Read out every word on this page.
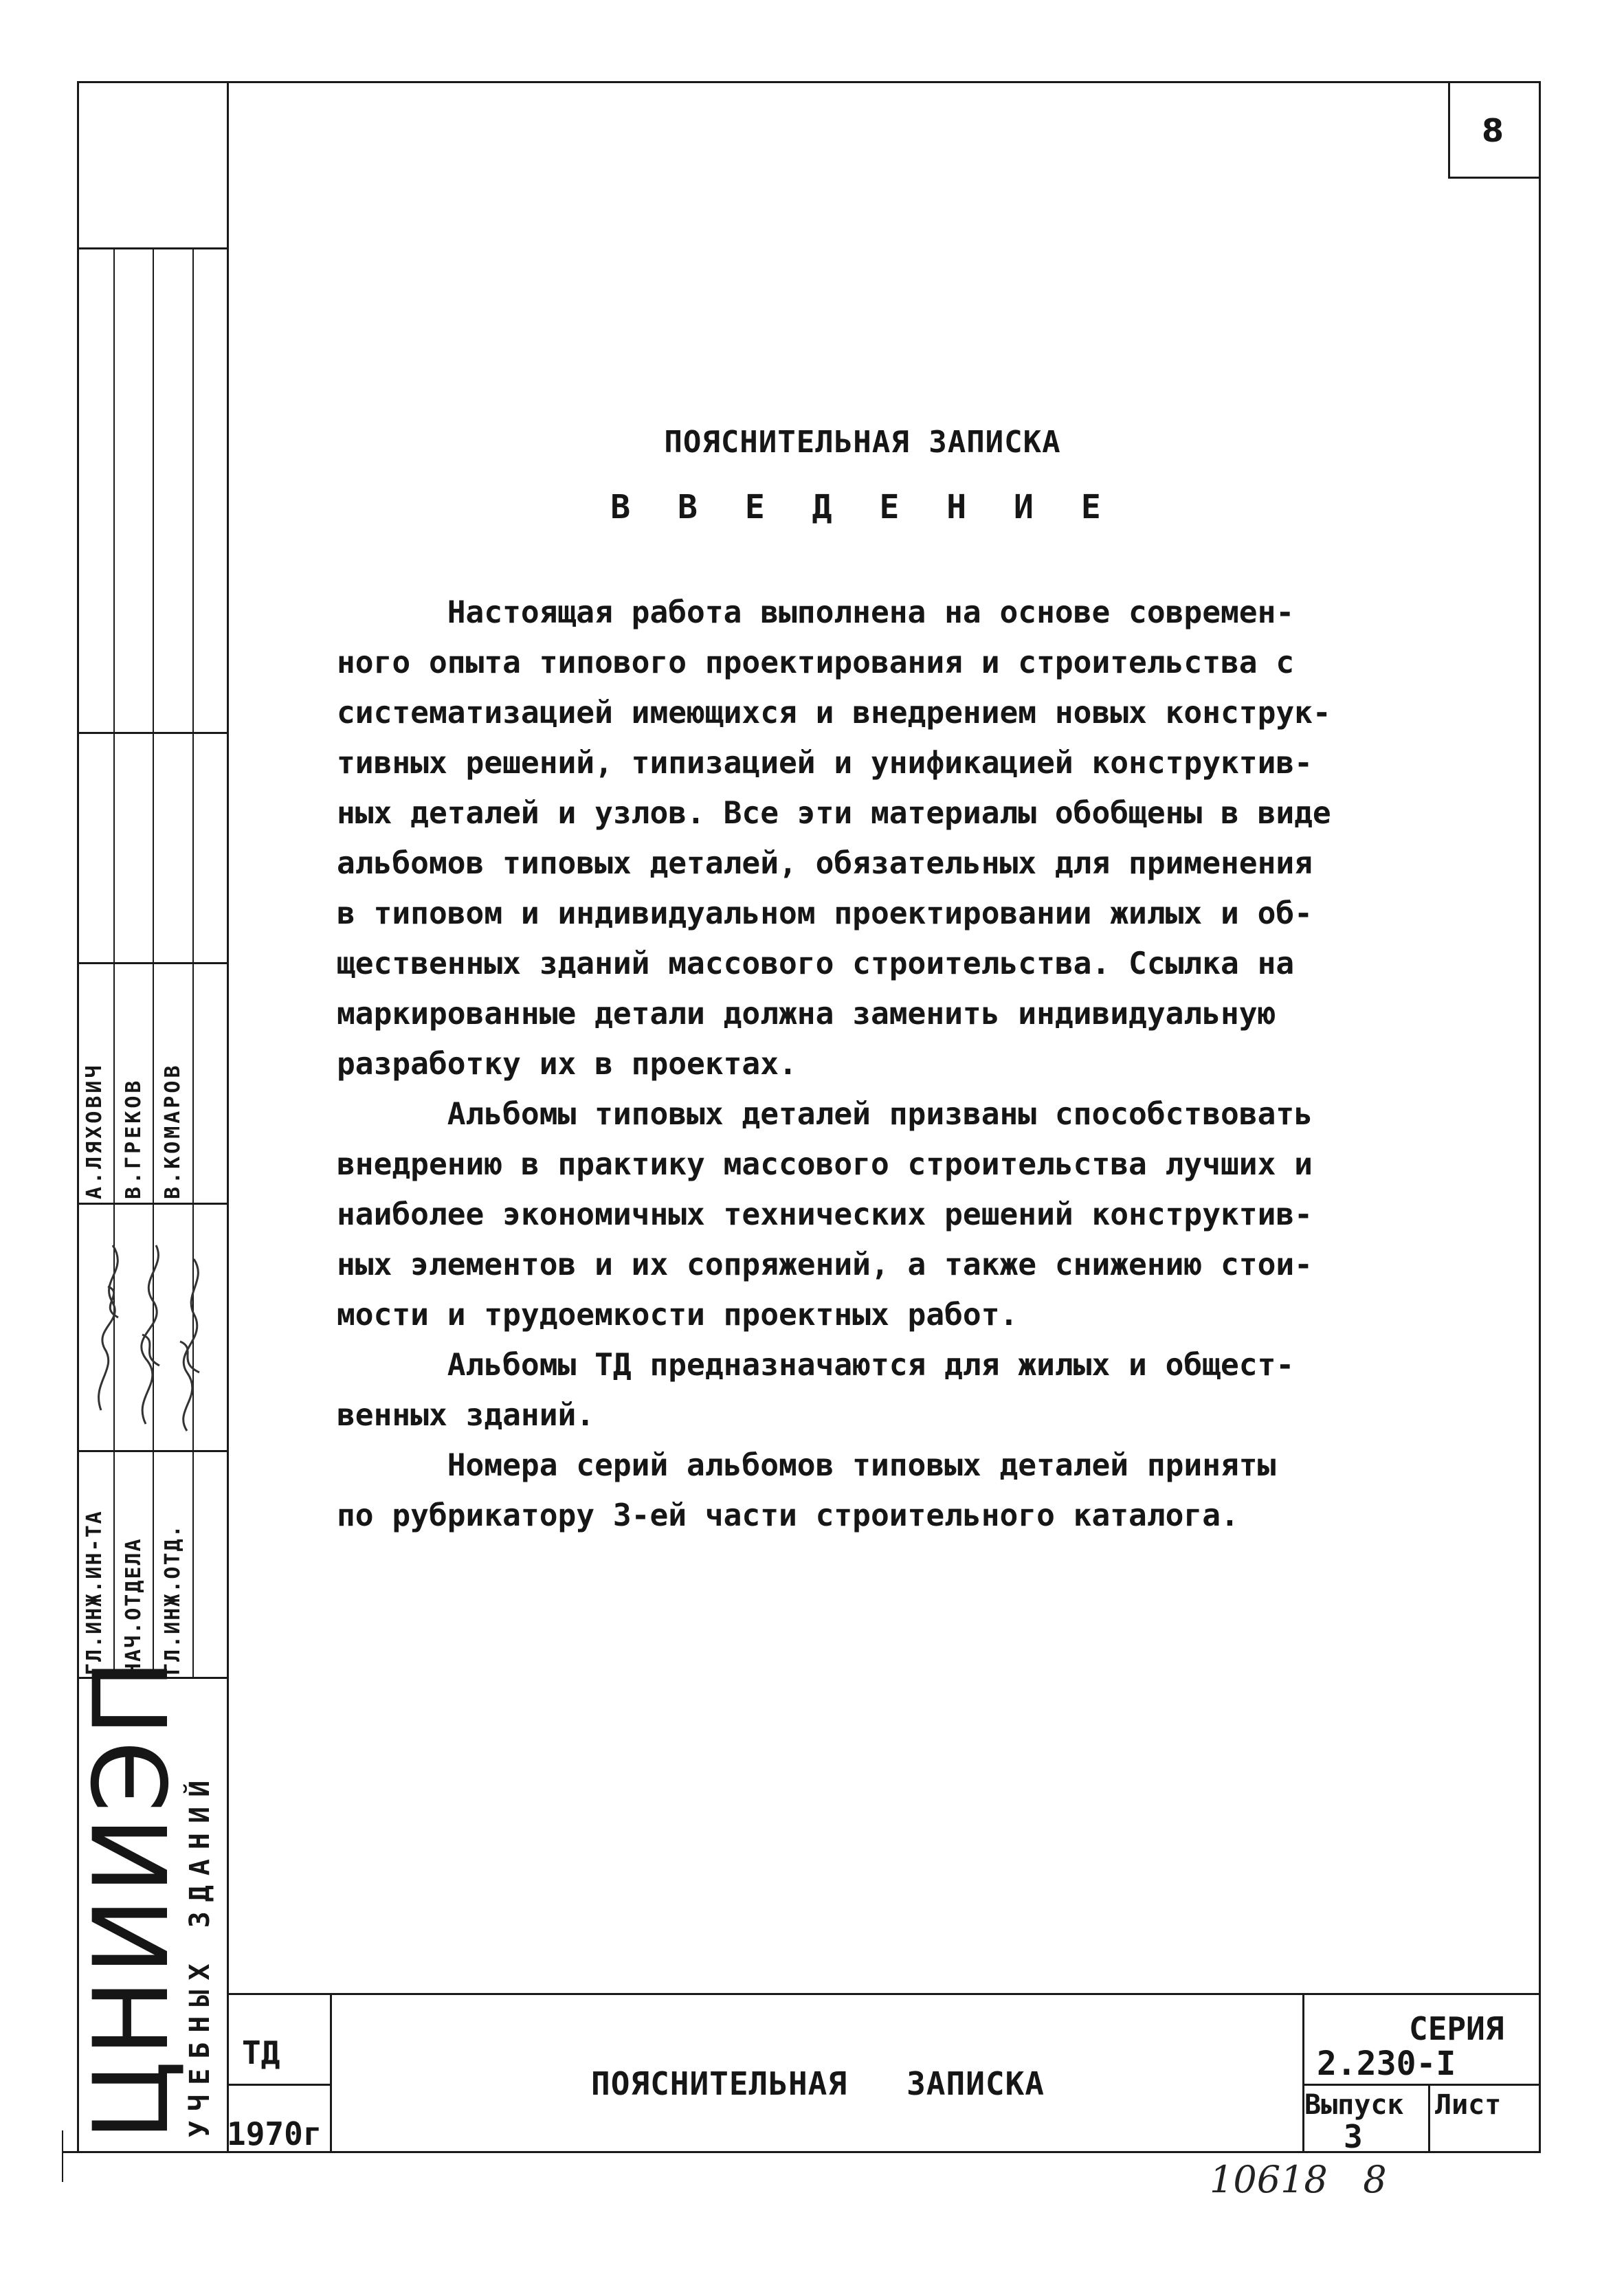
8
ПОЯСНИТЕЛЬНАЯ ЗАПИСКА
В В Е Д Е Н И Е
Настоящая работа выполнена на основе современ-
ного опыта типового проектирования и строительства с
систематизацией имеющихся и внедрением новых конструк-
тивных решений, типизацией и унификацией конструктив-
ных деталей и узлов. Все эти материалы обобщены в виде
альбомов типовых деталей, обязательных для применения
в типовом и индивидуальном проектировании жилых и об-
щественных зданий массового строительства. Ссылка на
маркированные детали должна заменить индивидуальную
разработку их в проектах.
Альбомы типовых деталей призваны способствовать
внедрению в практику массового строительства лучших и
наиболее экономичных технических решений конструктив-
ных элементов и их сопряжений, а также снижению стои-
мости и трудоемкости проектных работ.
Альбомы ТД предназначаются для жилых и общест-
венных зданий.
Номера серий альбомов типовых деталей приняты
по рубрикатору 3-ей части строительного каталога.
ГЛ.ИНЖ.ИН-ТА НАЧ.ОТДЕЛА ГЛ.ИНЖ.ОТД.
А.ЛЯХОВИЧ В.ГРЕКОВ В.КОМАРОВ
ЦНИИЭП
УЧЕБНЫХ ЗДАНИЙ ТД
1970г
ПОЯСНИТЕЛЬНАЯ   ЗАПИСКА
СЕРИЯ
2.230-I
Выпуск
3
Лист
10618   8
